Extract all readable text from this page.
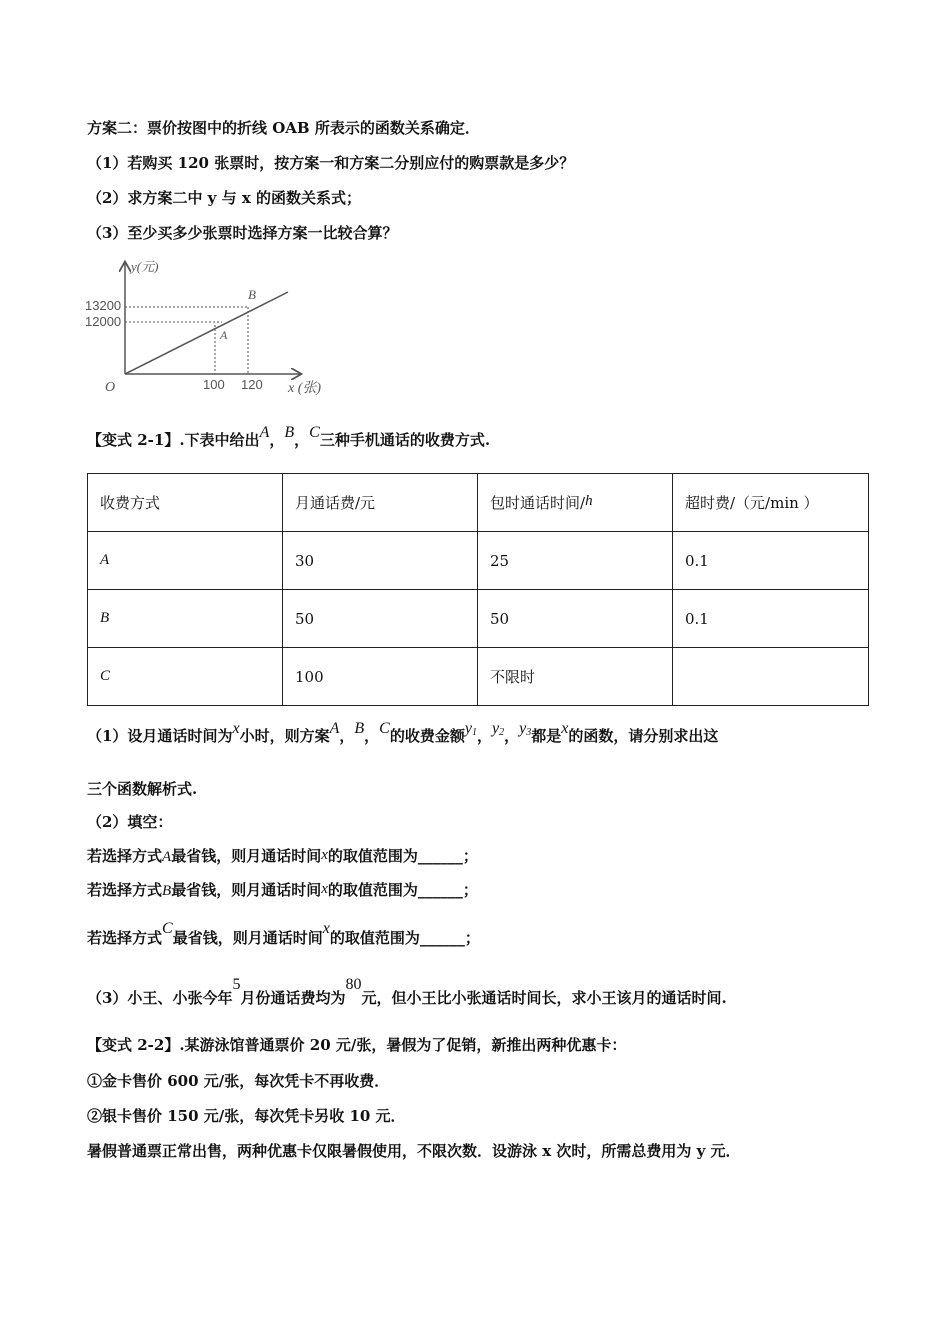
方案二：票价按图中的折线 OAB 所表示的函数关系确定．
（1）若购买 120 张票时，按方案一和方案二分别应付的购票款是多少？
（2）求方案二中 y 与 x 的函数关系式；
（3）至少买多少张票时选择方案一比较合算？
y(元)
x (张)
O
A
B
13200
12000
100 120
【变式 2-1】.下表中给出A，B，C三种手机通话的收费方式.
收费方式	月通话费/元	包时通话时间/h	超时费/（元/min ）
A	30	25	0.1
B	50	50	0.1
C	100	不限时	
（1）设月通话时间为x小时，则方案A，B，C的收费金额$y_1$，$y_2$，$y_3$都是x的函数，请分别求出这
三个函数解析式.
（2）填空：
若选择方式A最省钱，则月通话时间x的取值范围为______；
若选择方式B最省钱，则月通话时间x的取值范围为______；
若选择方式C最省钱，则月通话时间x的取值范围为______；
（3）小王、小张今年5月份通话费均为80元，但小王比小张通话时间长，求小王该月的通话时间.
【变式 2-2】.某游泳馆普通票价 20 元/张，暑假为了促销，新推出两种优惠卡：
①金卡售价 600 元/张，每次凭卡不再收费．
②银卡售价 150 元/张，每次凭卡另收 10 元．
暑假普通票正常出售，两种优惠卡仅限暑假使用，不限次数．设游泳 x 次时，所需总费用为 y 元．
